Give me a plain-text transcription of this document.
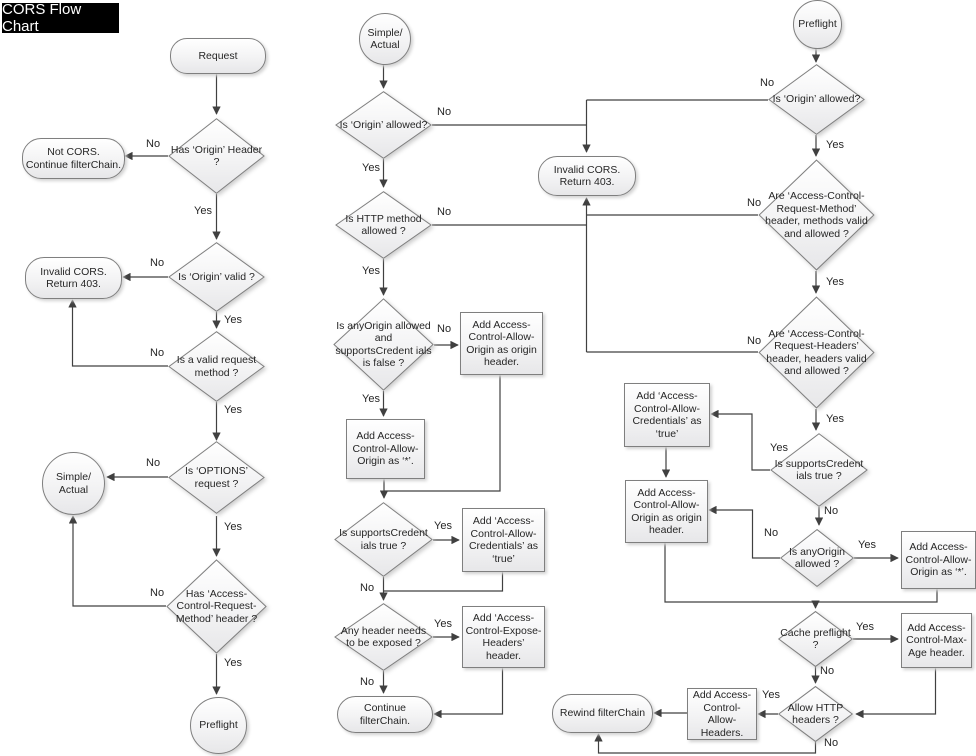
CORS Flow Chart
Request
Has ‘Origin’ Header ?
Not CORS. Continue filterChain.
Is ‘Origin’ valid ?
Invalid CORS. Return 403.
Is a valid request method ?
Is ‘OPTIONS’ request ?
Simple/ Actual
Has ‘Access-Control-Request-Method’ header ?
Preflight
Simple/ Actual
Is ‘Origin’ allowed?
Is HTTP method allowed ?
Invalid CORS. Return 403.
Is anyOrigin allowed and supportsCredent ials is false ?
Add Access-Control-Allow-Origin as origin header.
Add Access-Control-Allow-Origin as ‘*’.
Is supportsCredent ials true ?
Add ‘Access-Control-Allow-Credentials’ as ‘true’
Any header needs to be exposed ?
Add ‘Access-Control-Expose-Headers’ header.
Continue filterChain.
Preflight
Is ‘Origin’ allowed?
Are ‘Access-Control-Request-Method’ header, methods valid and allowed ?
Are ‘Access-Control-Request-Headers’ header, headers valid and allowed ?
Add ‘Access-Control-Allow-Credentials’ as ‘true’
Is supportsCredent ials true ?
Add Access-Control-Allow-Origin as origin header.
Is anyOrigin allowed ?
Add Access-Control-Allow-Origin as ‘*’.
Cache preflight ?
Add Access-Control-Max-Age header.
Allow HTTP headers ?
Add Access-Control-Allow-Headers.
Rewind filterChain
No
Yes
No
Yes
No
Yes
No
Yes
No
Yes
No
Yes
No
Yes
No
Yes
Yes
No
Yes
No
No
Yes
No
Yes
No
Yes
Yes
No
No
Yes
Yes
No
Yes
No
